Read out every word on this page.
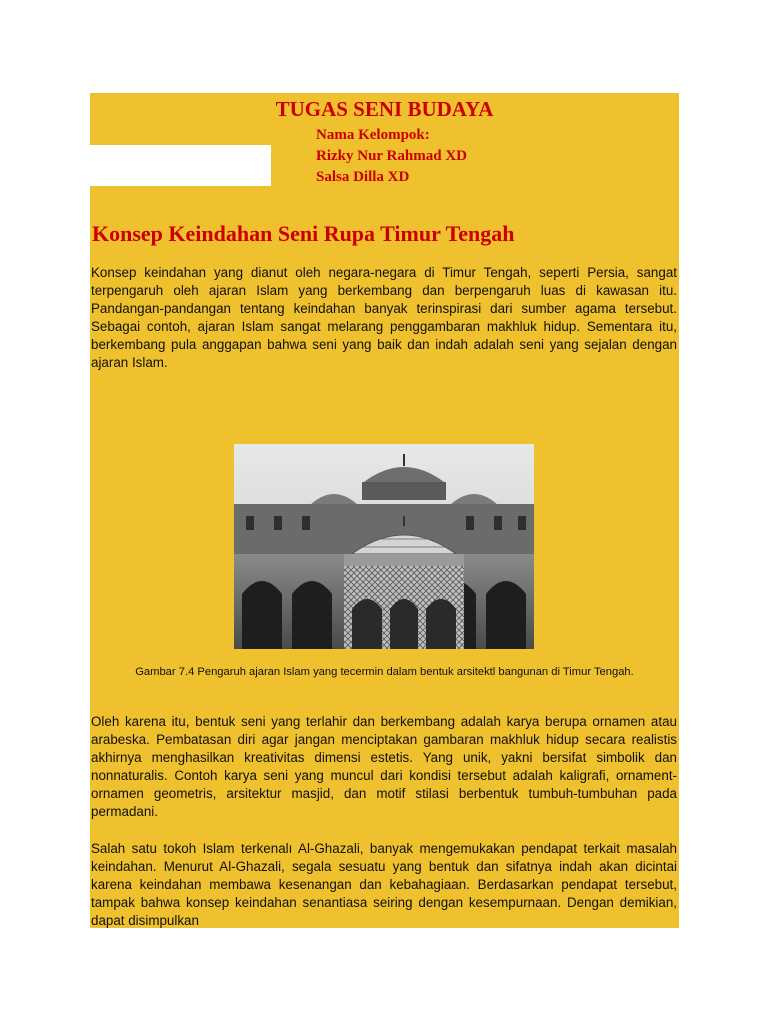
TUGAS SENI BUDAYA
Nama Kelompok:
Rizky Nur Rahmad XD
Salsa Dilla XD
Konsep Keindahan Seni Rupa Timur Tengah

Konsep keindahan yang dianut oleh negara-negara di Timur Tengah, seperti Persia, sangat terpengaruh oleh ajaran Islam yang berkembang dan berpengaruh luas di kawasan itu. Pandangan-pandangan tentang keindahan banyak terinspirasi dari sumber agama tersebut. Sebagai contoh, ajaran Islam sangat melarang penggambaran makhluk hidup. Sementara itu, berkembang pula anggapan bahwa seni yang baik dan indah adalah seni yang sejalan dengan ajaran Islam.

Gambar 7.4 Pengaruh ajaran Islam yang tecermin dalam bentuk arsitektl bangunan di Timur Tengah.

Oleh karena itu, bentuk seni yang terlahir dan berkembang adalah karya berupa ornamen atau arabeska. Pembatasan diri agar jangan menciptakan gambaran makhluk hidup secara realistis akhirnya menghasilkan kreativitas dimensi estetis. Yang unik, yakni bersifat simbolik dan nonnaturalis. Contoh karya seni yang muncul dari kondisi tersebut adalah kaligrafi, ornament-ornamen geometris, arsitektur masjid, dan motif stilasi berbentuk tumbuh-tumbuhan pada permadani.

Salah satu tokoh Islam terkenalı Al-Ghazali, banyak mengemukakan pendapat terkait masalah keindahan. Menurut Al-Ghazali, segala sesuatu yang bentuk dan sifatnya indah akan dicintai karena keindahan membawa kesenangan dan kebahagiaan. Berdasarkan pendapat tersebut, tampak bahwa konsep keindahan senantiasa seiring dengan kesempurnaan. Dengan demikian, dapat disimpulkan
